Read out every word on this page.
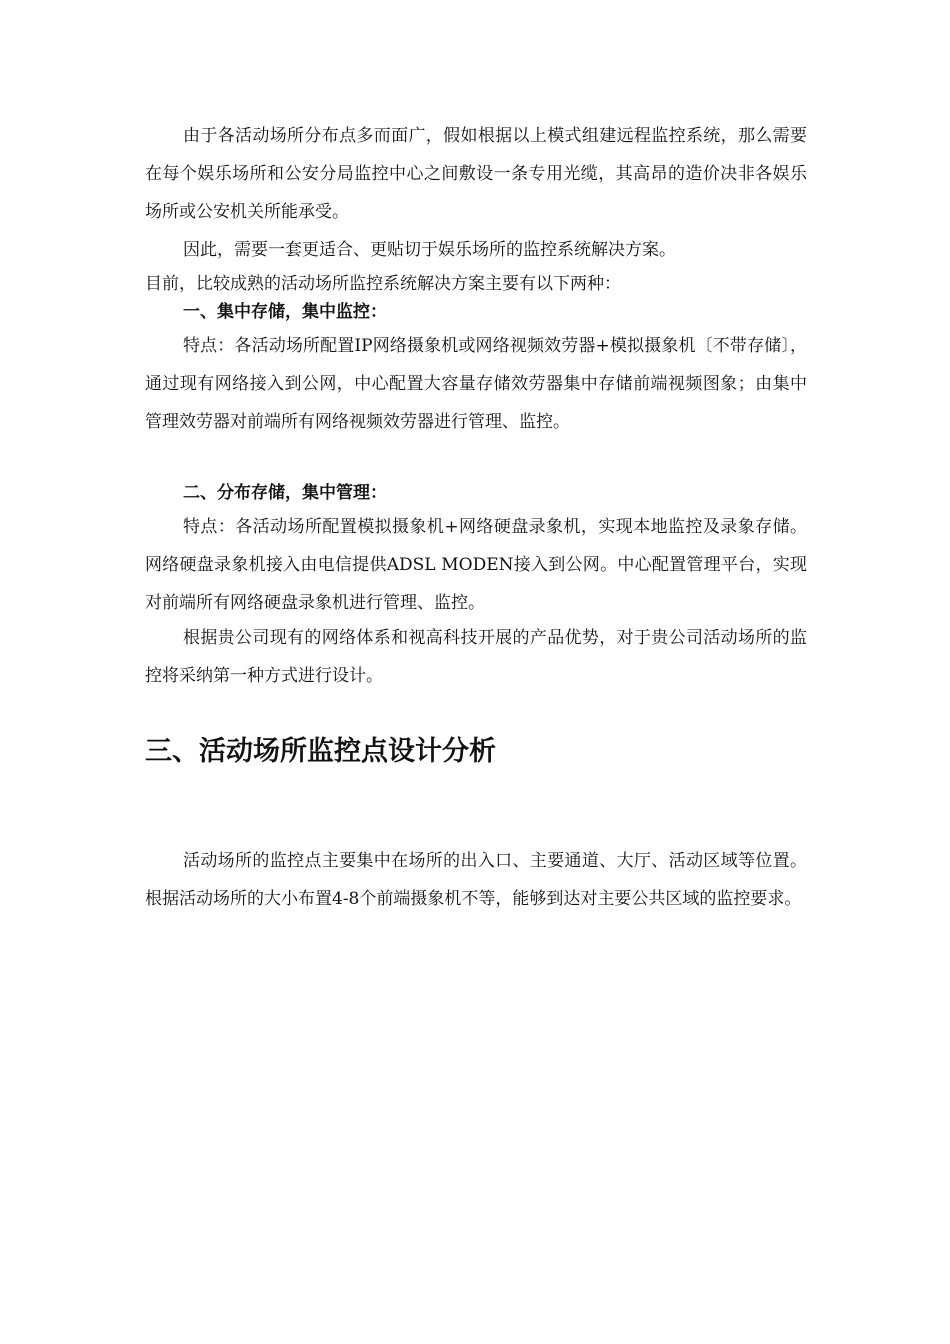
由于各活动场所分布点多而面广，假如根据以上模式组建远程监控系统，那么需要在每个娱乐场所和公安分局监控中心之间敷设一条专用光缆，其高昂的造价决非各娱乐场所或公安机关所能承受。

因此，需要一套更适合、更贴切于娱乐场所的监控系统解决方案。

目前，比较成熟的活动场所监控系统解决方案主要有以下两种：

一、集中存储，集中监控：

特点：各活动场所配置IP网络摄象机或网络视频效劳器+模拟摄象机〔不带存储〕，通过现有网络接入到公网，中心配置大容量存储效劳器集中存储前端视频图象；由集中管理效劳器对前端所有网络视频效劳器进行管理、监控。

二、分布存储，集中管理：

特点：各活动场所配置模拟摄象机+网络硬盘录象机，实现本地监控及录象存储。网络硬盘录象机接入由电信提供ADSL MODEN接入到公网。中心配置管理平台，实现对前端所有网络硬盘录象机进行管理、监控。

根据贵公司现有的网络体系和视高科技开展的产品优势，对于贵公司活动场所的监控将采纳第一种方式进行设计。

三、活动场所监控点设计分析

活动场所的监控点主要集中在场所的出入口、主要通道、大厅、活动区域等位置。根据活动场所的大小布置4-8个前端摄象机不等，能够到达对主要公共区域的监控要求。
